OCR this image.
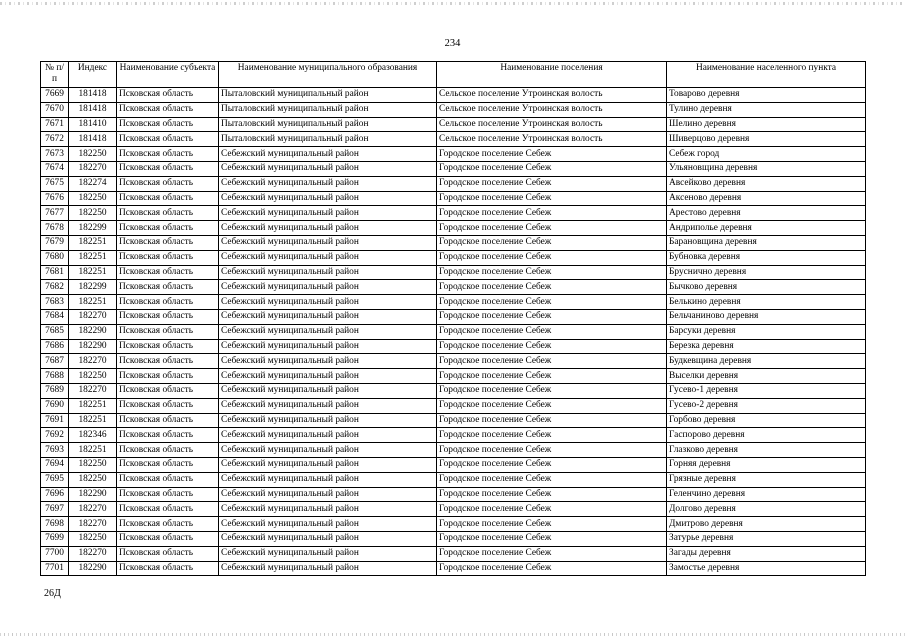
234
№ п/п	Индекс	Наименование субъекта	Наименование муниципального образования	Наименование поселения	Наименование населенного пункта
7669	181418	Псковская область	Пыталовский муниципальный район	Сельское поселение Утроинская волость	Товарово деревня
7670	181418	Псковская область	Пыталовский муниципальный район	Сельское поселение Утроинская волость	Тулино деревня
7671	181410	Псковская область	Пыталовский муниципальный район	Сельское поселение Утроинская волость	Шелино деревня
7672	181418	Псковская область	Пыталовский муниципальный район	Сельское поселение Утроинская волость	Шиверцово деревня
7673	182250	Псковская область	Себежский муниципальный район	Городское поселение Себеж	Себеж город
7674	182270	Псковская область	Себежский муниципальный район	Городское поселение Себеж	Ульяновщина деревня
7675	182274	Псковская область	Себежский муниципальный район	Городское поселение Себеж	Авсейково деревня
7676	182250	Псковская область	Себежский муниципальный район	Городское поселение Себеж	Аксеново деревня
7677	182250	Псковская область	Себежский муниципальный район	Городское поселение Себеж	Арестово деревня
7678	182299	Псковская область	Себежский муниципальный район	Городское поселение Себеж	Андрипольe деревня
7679	182251	Псковская область	Себежский муниципальный район	Городское поселение Себеж	Барановщина деревня
7680	182251	Псковская область	Себежский муниципальный район	Городское поселение Себеж	Бубновка деревня
7681	182251	Псковская область	Себежский муниципальный район	Городское поселение Себеж	Брусничнo деревня
7682	182299	Псковская область	Себежский муниципальный район	Городское поселение Себеж	Бычково деревня
7683	182251	Псковская область	Себежский муниципальный район	Городское поселение Себеж	Белькино деревня
7684	182270	Псковская область	Себежский муниципальный район	Городское поселение Себеж	Бельчаниново деревня
7685	182290	Псковская область	Себежский муниципальный район	Городское поселение Себеж	Барсуки деревня
7686	182290	Псковская область	Себежский муниципальный район	Городское поселение Себеж	Березка деревня
7687	182270	Псковская область	Себежский муниципальный район	Городское поселение Себеж	Будкевщина деревня
7688	182250	Псковская область	Себежский муниципальный район	Городское поселение Себеж	Выселки деревня
7689	182270	Псковская область	Себежский муниципальный район	Городское поселение Себеж	Гусево-1 деревня
7690	182251	Псковская область	Себежский муниципальный район	Городское поселение Себеж	Гусево-2 деревня
7691	182251	Псковская область	Себежский муниципальный район	Городское поселение Себеж	Горбово деревня
7692	182346	Псковская область	Себежский муниципальный район	Городское поселение Себеж	Гаспорово деревня
7693	182251	Псковская область	Себежский муниципальный район	Городское поселение Себеж	Глазково деревня
7694	182250	Псковская область	Себежский муниципальный район	Городское поселение Себеж	Горняя деревня
7695	182250	Псковская область	Себежский муниципальный район	Городское поселение Себеж	Грязные деревня
7696	182290	Псковская область	Себежский муниципальный район	Городское поселение Себеж	Геленчино деревня
7697	182270	Псковская область	Себежский муниципальный район	Городское поселение Себеж	Долгово деревня
7698	182270	Псковская область	Себежский муниципальный район	Городское поселение Себеж	Дмитрово деревня
7699	182250	Псковская область	Себежский муниципальный район	Городское поселение Себеж	Затурье деревня
7700	182270	Псковская область	Себежский муниципальный район	Городское поселение Себеж	Загады деревня
7701	182290	Псковская область	Себежский муниципальный район	Городское поселение Себеж	Замостье деревня
26Д
